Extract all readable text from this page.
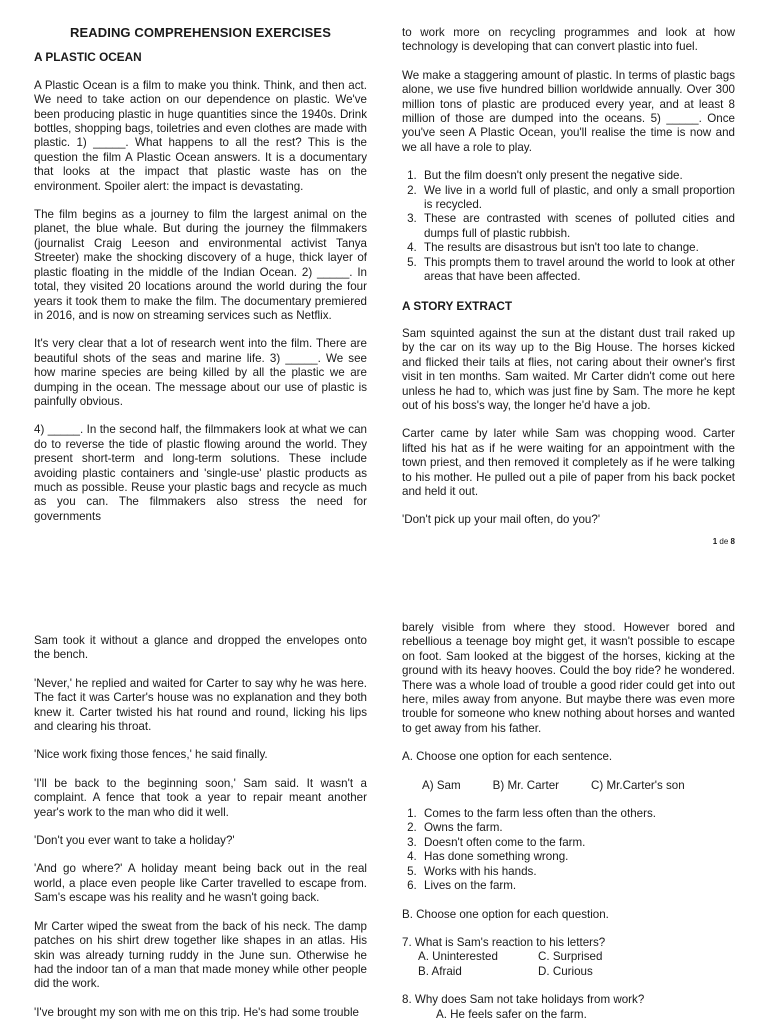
READING COMPREHENSION EXERCISES
A PLASTIC OCEAN

A Plastic Ocean is a film to make you think. Think, and then act. We need to take action on our dependence on plastic. We've been producing plastic in huge quantities since the 1940s. Drink bottles, shopping bags, toiletries and even clothes are made with plastic. 1) _____. What happens to all the rest? This is the question the film A Plastic Ocean answers. It is a documentary that looks at the impact that plastic waste has on the environment. Spoiler alert: the impact is devastating.

The film begins as a journey to film the largest animal on the planet, the blue whale. But during the journey the filmmakers (journalist Craig Leeson and environmental activist Tanya Streeter) make the shocking discovery of a huge, thick layer of plastic floating in the middle of the Indian Ocean. 2) _____. In total, they visited 20 locations around the world during the four years it took them to make the film. The documentary premiered in 2016, and is now on streaming services such as Netflix.

It's very clear that a lot of research went into the film. There are beautiful shots of the seas and marine life. 3) _____. We see how marine species are being killed by all the plastic we are dumping in the ocean. The message about our use of plastic is painfully obvious.

4) _____. In the second half, the filmmakers look at what we can do to reverse the tide of plastic flowing around the world. They present short-term and long-term solutions. These include avoiding plastic containers and 'single-use' plastic products as much as possible. Reuse your plastic bags and recycle as much as you can. The filmmakers also stress the need for governments

to work more on recycling programmes and look at how technology is developing that can convert plastic into fuel.

We make a staggering amount of plastic. In terms of plastic bags alone, we use five hundred billion worldwide annually. Over 300 million tons of plastic are produced every year, and at least 8 million of those are dumped into the oceans. 5) _____. Once you've seen A Plastic Ocean, you'll realise the time is now and we all have a role to play.

1. But the film doesn't only present the negative side.
2. We live in a world full of plastic, and only a small proportion is recycled.
3. These are contrasted with scenes of polluted cities and dumps full of plastic rubbish.
4. The results are disastrous but isn't too late to change.
5. This prompts them to travel around the world to look at other areas that have been affected.
A STORY EXTRACT

Sam squinted against the sun at the distant dust trail raked up by the car on its way up to the Big House. The horses kicked and flicked their tails at flies, not caring about their owner's first visit in ten months. Sam waited. Mr Carter didn't come out here unless he had to, which was just fine by Sam. The more he kept out of his boss's way, the longer he'd have a job.

Carter came by later while Sam was chopping wood. Carter lifted his hat as if he were waiting for an appointment with the town priest, and then removed it completely as if he were talking to his mother. He pulled out a pile of paper from his back pocket and held it out.

'Don't pick up your mail often, do you?'

1 de 8

Sam took it without a glance and dropped the envelopes onto the bench.

'Never,' he replied and waited for Carter to say why he was here. The fact it was Carter's house was no explanation and they both knew it. Carter twisted his hat round and round, licking his lips and clearing his throat.

'Nice work fixing those fences,' he said finally.

'I'll be back to the beginning soon,' Sam said. It wasn't a complaint. A fence that took a year to repair meant another year's work to the man who did it well.

'Don't you ever want to take a holiday?'

'And go where?' A holiday meant being back out in the real world, a place even people like Carter travelled to escape from. Sam's escape was his reality and he wasn't going back.

Mr Carter wiped the sweat from the back of his neck. The damp patches on his shirt drew together like shapes in an atlas. His skin was already turning ruddy in the June sun. Otherwise he had the indoor tan of a man that made money while other people did the work.

'I've brought my son with me on this trip. He's had some trouble

barely visible from where they stood. However bored and rebellious a teenage boy might get, it wasn't possible to escape on foot. Sam looked at the biggest of the horses, kicking at the ground with its heavy hooves. Could the boy ride? he wondered. There was a whole load of trouble a good rider could get into out here, miles away from anyone. But maybe there was even more trouble for someone who knew nothing about horses and wanted to get away from his father.

A. Choose one option for each sentence.

A) Sam	B) Mr. Carter	C) Mr.Carter's son
1. Comes to the farm less often than the others.
2. Owns the farm.
3. Doesn't often come to the farm.
4. Has done something wrong.
5. Works with his hands.
6. Lives on the farm.

B. Choose one option for each question.

7. What is Sam's reaction to his letters?
A. Uninterested	C. Surprised
B. Afraid	D. Curious
8. Why does Sam not take holidays from work?
A. He feels safer on the farm.
